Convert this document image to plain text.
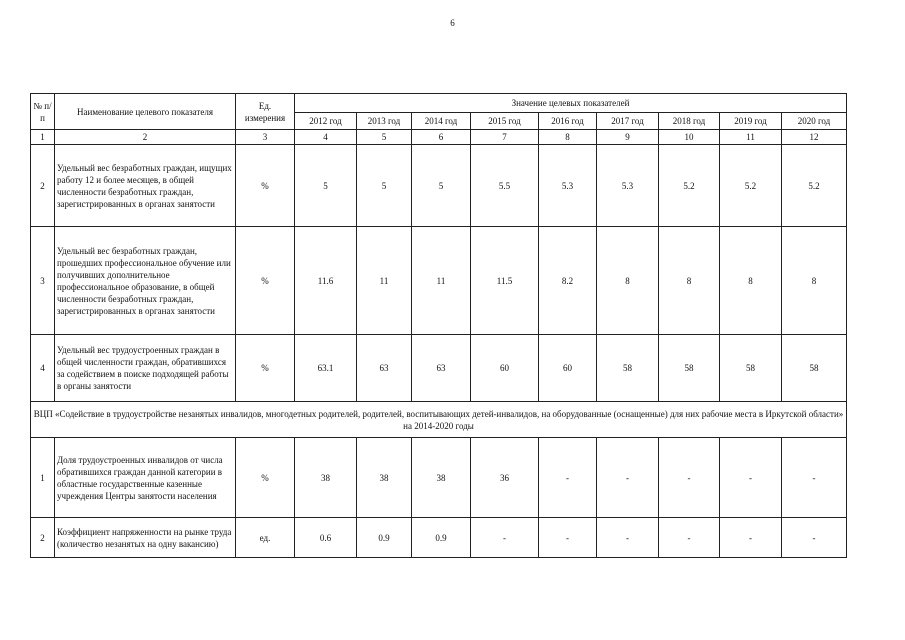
6
№ п/п	Наименование целевого показателя	Ед. измерения	Значение целевых показателей								
			2012 год	2013 год	2014 год	2015 год	2016 год	2017 год	2018 год	2019 год	2020 год
1	2	3	4	5	6	7	8	9	10	11	12
2	Удельный вес безработных граждан, ищущих работу 12 и более месяцев, в общей численности безработных граждан, зарегистрированных в органах занятости	%	5	5	5	5.5	5.3	5.3	5.2	5.2	5.2
3	Удельный вес безработных граждан, прошедших профессиональное обучение или получивших дополнительное профессиональное образование, в общей численности безработных граждан, зарегистрированных в органах занятости	%	11.6	11	11	11.5	8.2	8	8	8	8
4	Удельный вес трудоустроенных граждан в общей численности граждан, обратившихся за содействием в поиске подходящей работы в органы занятости	%	63.1	63	63	60	60	58	58	58	58
ВЦП «Содействие в трудоустройстве незанятых инвалидов, многодетных родителей, родителей, воспитывающих детей-инвалидов, на оборудованные (оснащенные) для них рабочие места в Иркутской области» на 2014-2020 годы											
1	Доля трудоустроенных инвалидов от числа обратившихся граждан данной категории в областные государственные казенные учреждения Центры занятости населения	%	38	38	38	36	-	-	-	-	-
2	Коэффициент напряженности на рынке труда (количество незанятых на одну вакансию)	ед.	0.6	0.9	0.9	-	-	-	-	-	-
